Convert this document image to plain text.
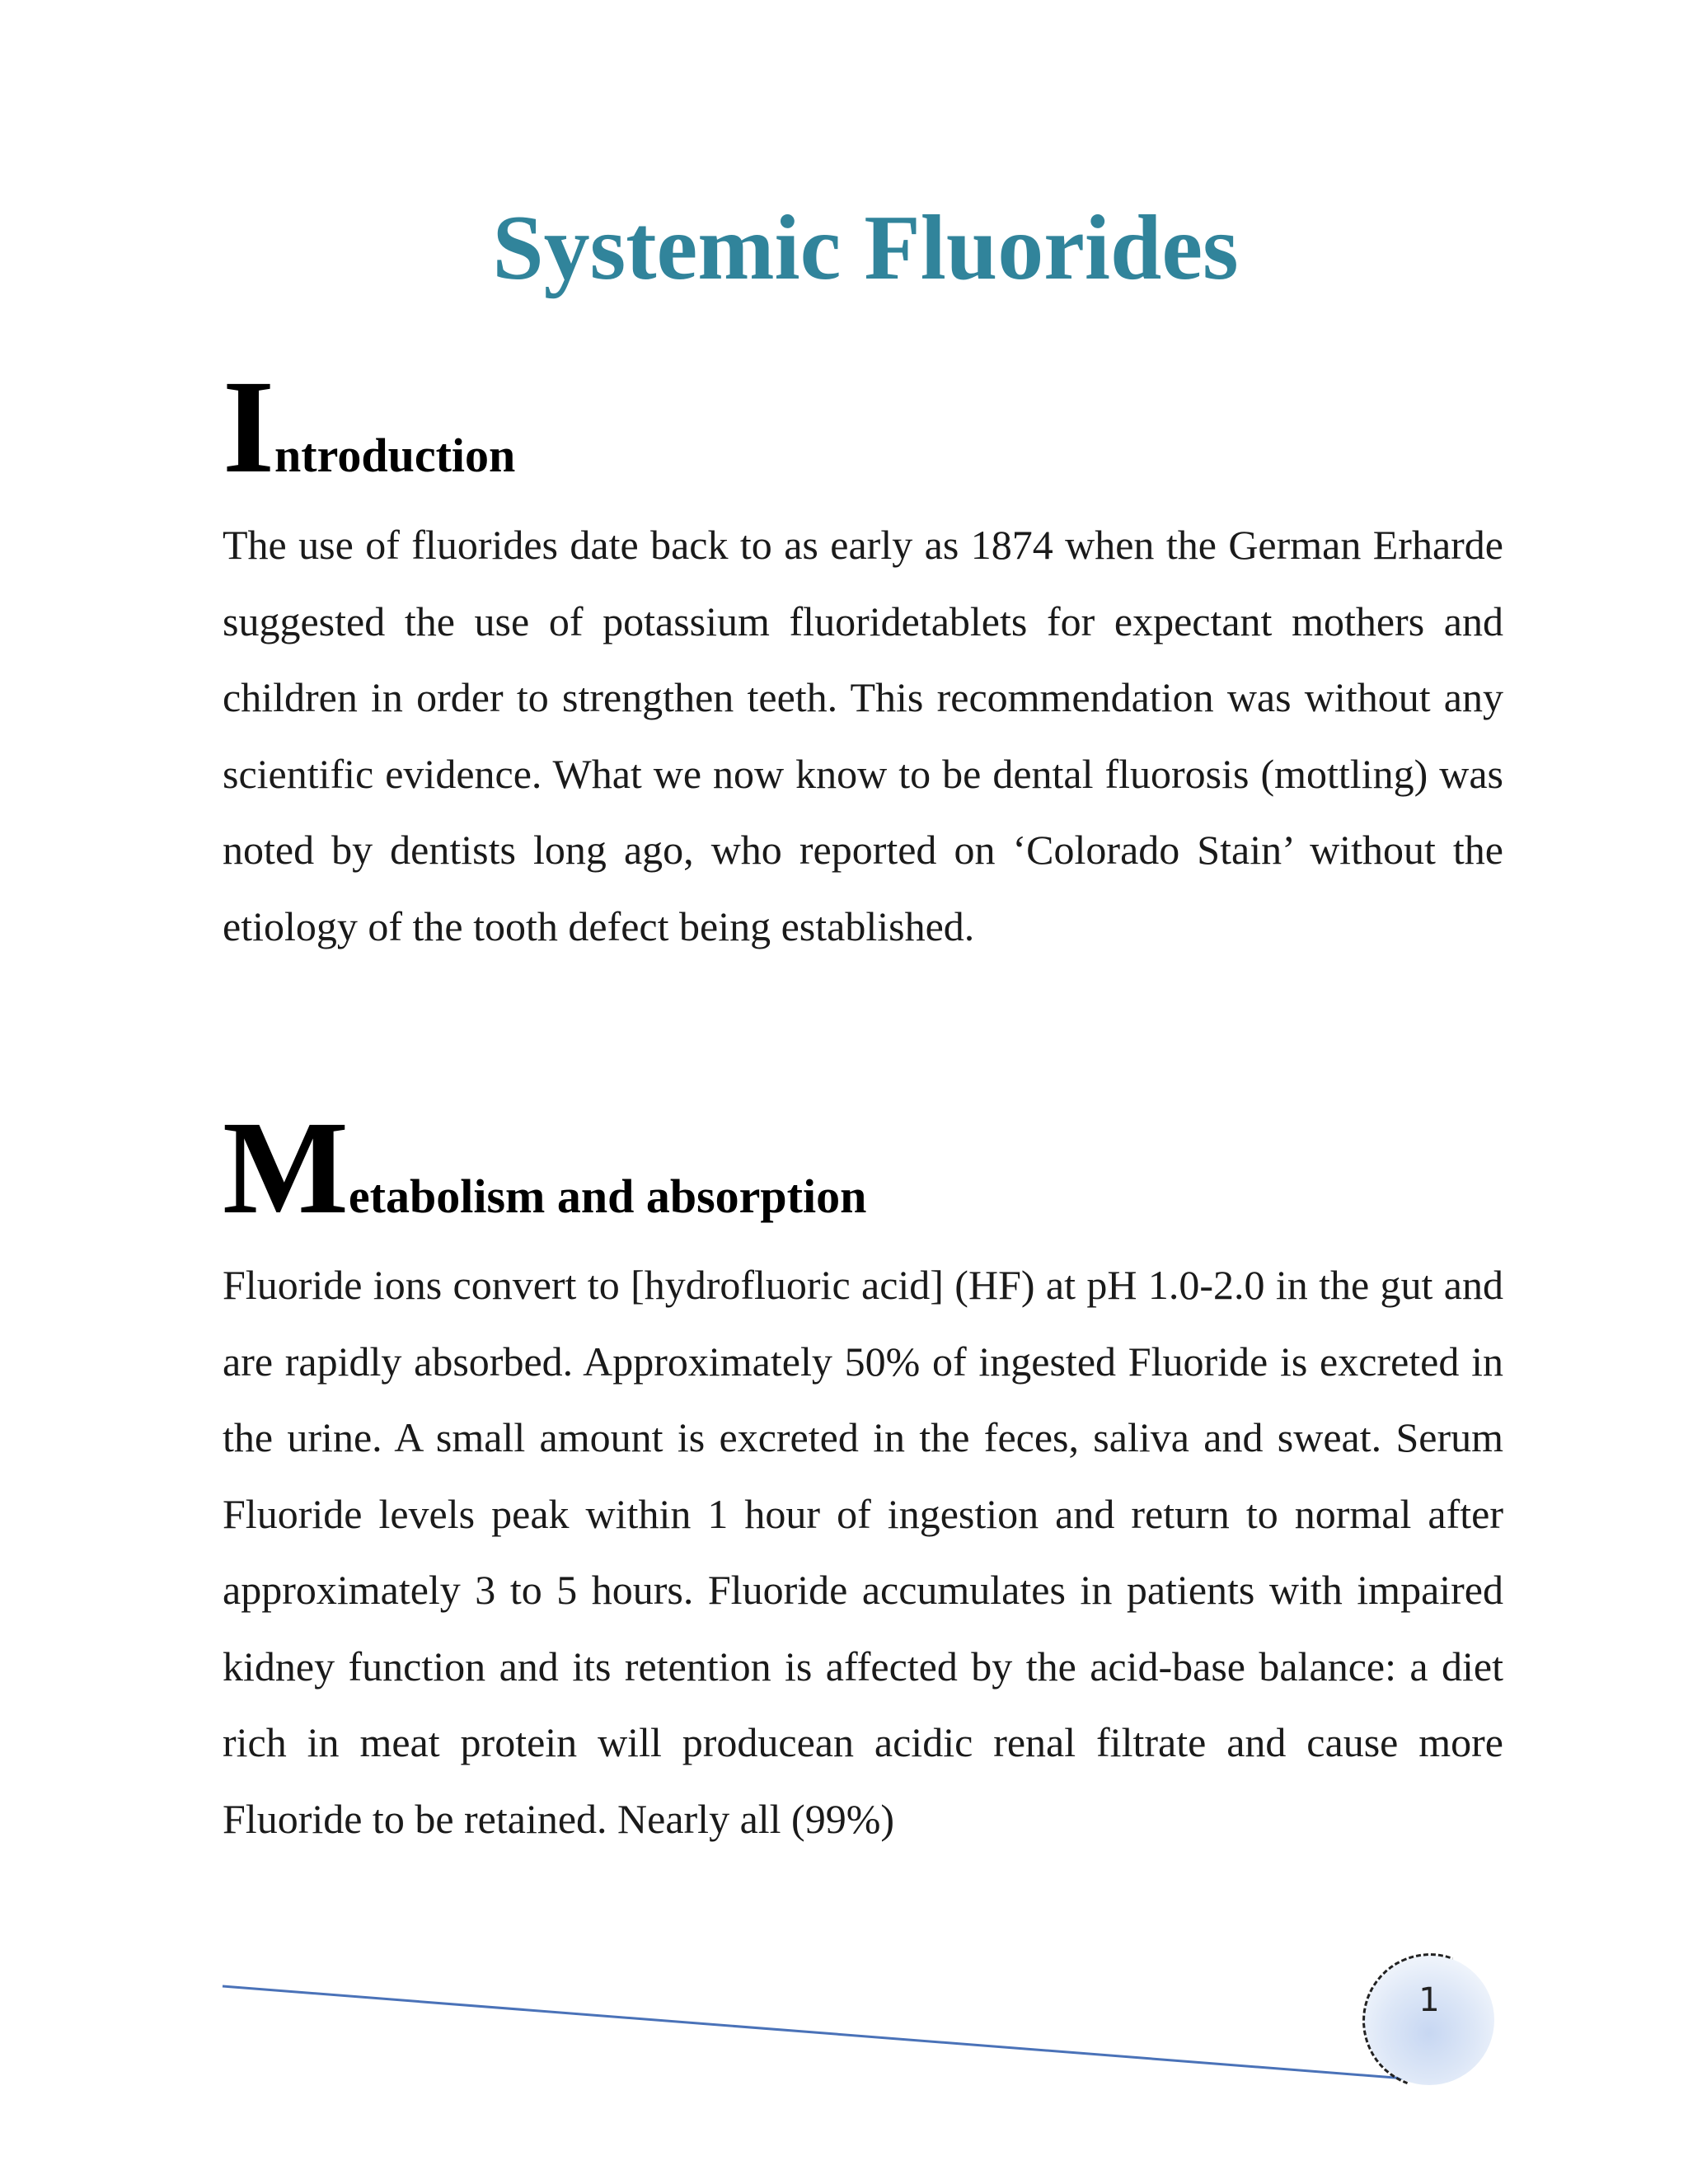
Systemic Fluorides
Introduction

The use of fluorides date back to as early as 1874 when the German Erharde suggested the use of potassium fluoridetablets for expectant mothers and children in order to strengthen teeth. This recommendation was without any scientific evidence. What we now know to be dental fluorosis (mottling) was noted by dentists long ago, who reported on ‘Colorado Stain’ without the etiology of the tooth defect being established.

Metabolism and absorption

Fluoride ions convert to [hydrofluoric acid] (HF) at pH 1.0-2.0 in the gut and are rapidly absorbed. Approximately 50% of ingested Fluoride is excreted in the urine. A small amount is excreted in the feces, saliva and sweat. Serum Fluoride levels peak within 1 hour of ingestion and return to normal after approximately 3 to 5 hours. Fluoride accumulates in patients with impaired kidney function and its retention is affected by the acid-base balance: a diet rich in meat protein will producean acidic renal filtrate and cause more Fluoride to be retained. Nearly all (99%)

1
